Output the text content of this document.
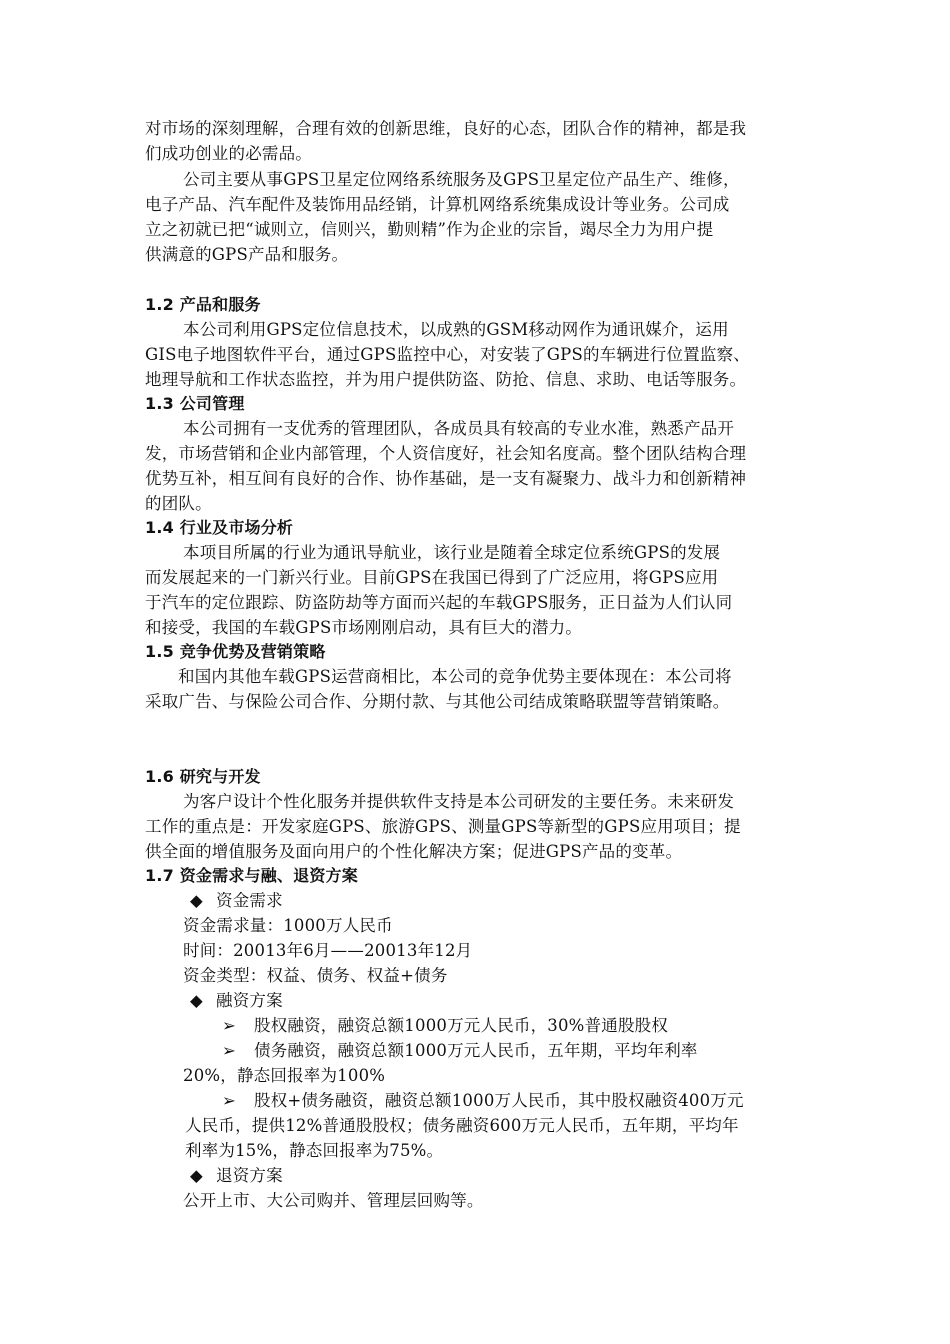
对市场的深刻理解，合理有效的创新思维，良好的心态，团队合作的精神，都是我
们成功创业的必需品。
公司主要从事GPS卫星定位网络系统服务及GPS卫星定位产品生产、维修，
电子产品、汽车配件及装饰用品经销，计算机网络系统集成设计等业务。公司成
立之初就已把“诚则立，信则兴，勤则精”作为企业的宗旨，竭尽全力为用户提
供满意的GPS产品和服务。
1.2 产品和服务
本公司利用GPS定位信息技术，以成熟的GSM移动网作为通讯媒介，运用
GIS电子地图软件平台，通过GPS监控中心，对安装了GPS的车辆进行位置监察、
地理导航和工作状态监控，并为用户提供防盗、防抢、信息、求助、电话等服务。
1.3 公司管理
本公司拥有一支优秀的管理团队，各成员具有较高的专业水准，熟悉产品开
发，市场营销和企业内部管理，个人资信度好，社会知名度高。整个团队结构合理
优势互补，相互间有良好的合作、协作基础，是一支有凝聚力、战斗力和创新精神
的团队。
1.4 行业及市场分析
本项目所属的行业为通讯导航业，该行业是随着全球定位系统GPS的发展
而发展起来的一门新兴行业。目前GPS在我国已得到了广泛应用，将GPS应用
于汽车的定位跟踪、防盗防劫等方面而兴起的车载GPS服务，正日益为人们认同
和接受，我国的车载GPS市场刚刚启动，具有巨大的潜力。
1.5 竞争优势及营销策略
和国内其他车载GPS运营商相比，本公司的竞争优势主要体现在：本公司将
采取广告、与保险公司合作、分期付款、与其他公司结成策略联盟等营销策略。
1.6 研究与开发
为客户设计个性化服务并提供软件支持是本公司研发的主要任务。未来研发
工作的重点是：开发家庭GPS、旅游GPS、测量GPS等新型的GPS应用项目；提
供全面的增值服务及面向用户的个性化解决方案；促进GPS产品的变革。
1.7 资金需求与融、退资方案
◆ 资金需求
资金需求量：1000万人民币
时间：20013年6月——20013年12月
资金类型：权益、债务、权益+债务
◆ 融资方案
➢ 股权融资，融资总额1000万元人民币，30%普通股股权
➢ 债务融资，融资总额1000万元人民币，五年期，平均年利率
20%，静态回报率为100%
➢ 股权+债务融资，融资总额1000万人民币，其中股权融资400万元
人民币，提供12%普通股股权；债务融资600万元人民币，五年期，平均年
利率为15%，静态回报率为75%。
◆ 退资方案
公开上市、大公司购并、管理层回购等。
